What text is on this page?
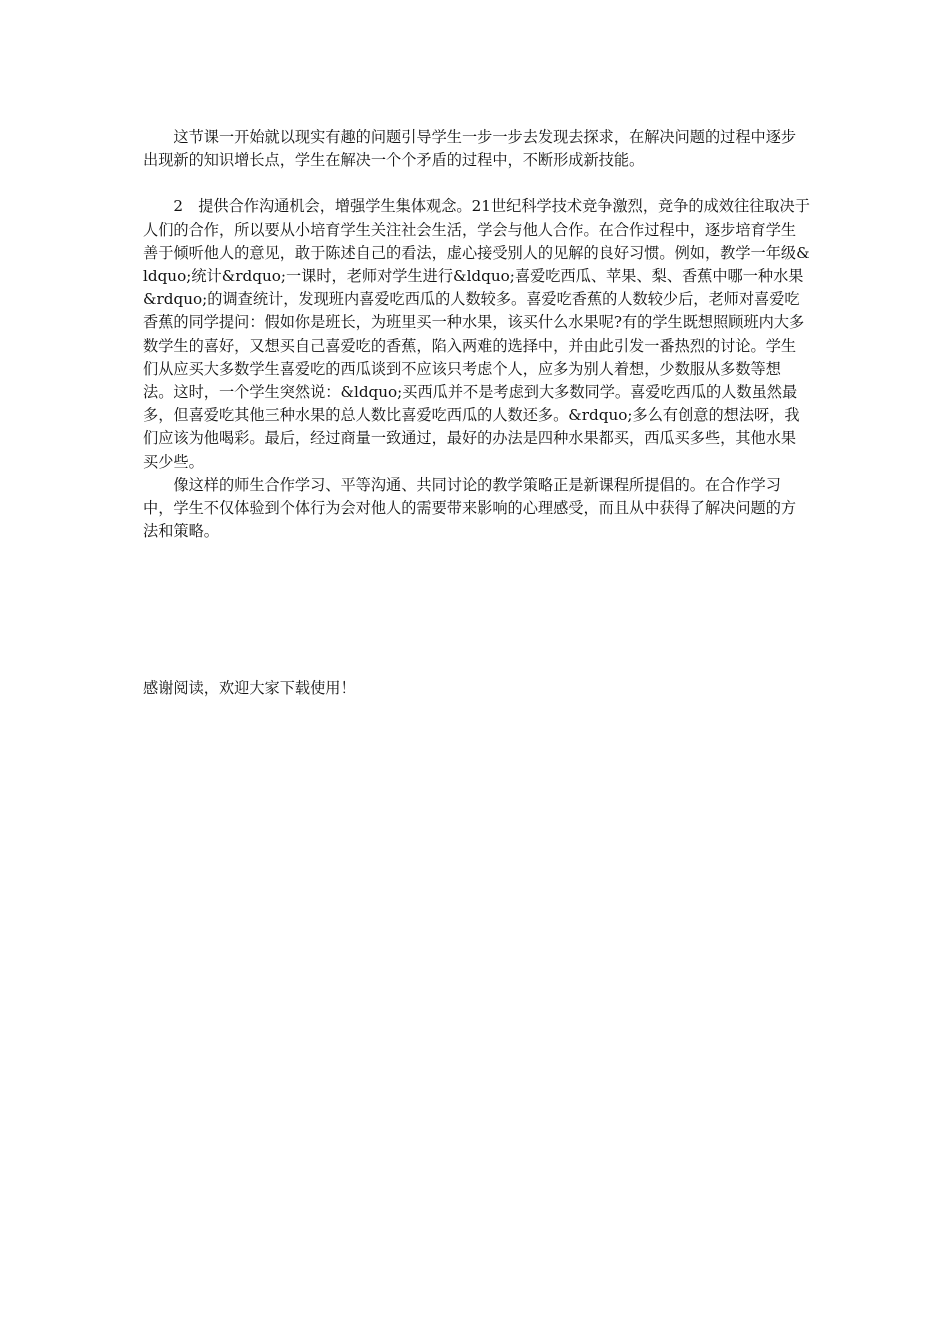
这节课一开始就以现实有趣的问题引导学生一步一步去发现去探求，在解决问题的过程中逐步出现新的知识增长点，学生在解决一个个矛盾的过程中，不断形成新技能。

2　提供合作沟通机会，增强学生集体观念。21世纪科学技术竞争激烈，竞争的成效往往取决于人们的合作，所以要从小培育学生关注社会生活，学会与他人合作。在合作过程中，逐步培育学生善于倾听他人的意见，敢于陈述自己的看法，虚心接受别人的见解的良好习惯。例如，教学一年级&ldquo;统计&rdquo;一课时，老师对学生进行&ldquo;喜爱吃西瓜、苹果、梨、香蕉中哪一种水果&rdquo;的调查统计，发现班内喜爱吃西瓜的人数较多。喜爱吃香蕉的人数较少后，老师对喜爱吃香蕉的同学提问：假如你是班长，为班里买一种水果，该买什么水果呢?有的学生既想照顾班内大多数学生的喜好，又想买自己喜爱吃的香蕉，陷入两难的选择中，并由此引发一番热烈的讨论。学生们从应买大多数学生喜爱吃的西瓜谈到不应该只考虑个人，应多为别人着想，少数服从多数等想法。这时，一个学生突然说：&ldquo;买西瓜并不是考虑到大多数同学。喜爱吃西瓜的人数虽然最多，但喜爱吃其他三种水果的总人数比喜爱吃西瓜的人数还多。&rdquo;多么有创意的想法呀，我们应该为他喝彩。最后，经过商量一致通过，最好的办法是四种水果都买，西瓜买多些，其他水果买少些。

像这样的师生合作学习、平等沟通、共同讨论的教学策略正是新课程所提倡的。在合作学习中，学生不仅体验到个体行为会对他人的需要带来影响的心理感受，而且从中获得了解决问题的方法和策略。

感谢阅读，欢迎大家下载使用！
